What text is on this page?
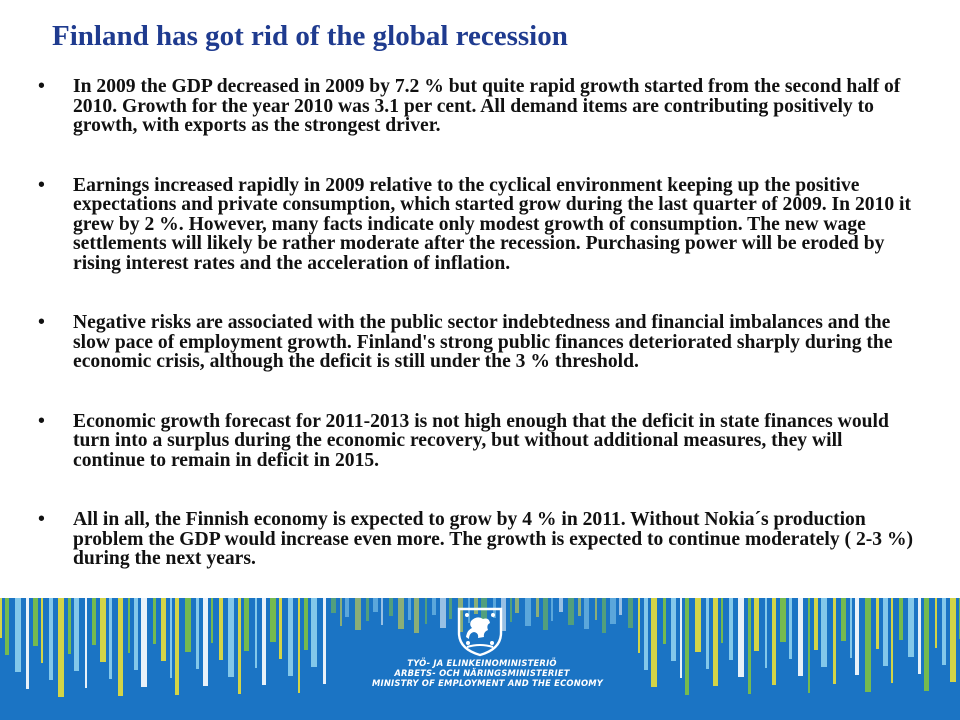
Finland has got rid of the global recession
• In 2009 the GDP decreased in 2009 by 7.2 % but quite rapid growth started from the second half of 2010. Growth for the year 2010 was 3.1 per cent. All demand items are contributing positively to growth, with exports as the strongest driver.
• Earnings increased rapidly in 2009 relative to the cyclical environment keeping up the positive expectations and private consumption, which started grow during the last quarter of 2009. In 2010 it grew by 2 %. However, many facts indicate only modest growth of consumption. The new wage settlements will likely be rather moderate after the recession. Purchasing power will be eroded by rising interest rates and the acceleration of inflation.
• Negative risks are associated with the public sector indebtedness and financial imbalances and the slow pace of employment growth. Finland's strong public finances deteriorated sharply during the economic crisis, although the deficit is still under the 3 % threshold.
• Economic growth forecast for 2011-2013 is not high enough that the deficit in state finances would turn into a surplus during the economic recovery, but without additional measures, they will continue to remain in deficit in 2015.
• All in all, the Finnish economy is expected to grow by 4 % in 2011. Without Nokia´s production problem the GDP would increase even more. The growth is expected to continue moderately ( 2-3 %) during the next years.
TYÖ- JA ELINKEINOMINISTERIÖ
ARBETS- OCH NÄRINGSMINISTERIET
MINISTRY OF EMPLOYMENT AND THE ECONOMY
